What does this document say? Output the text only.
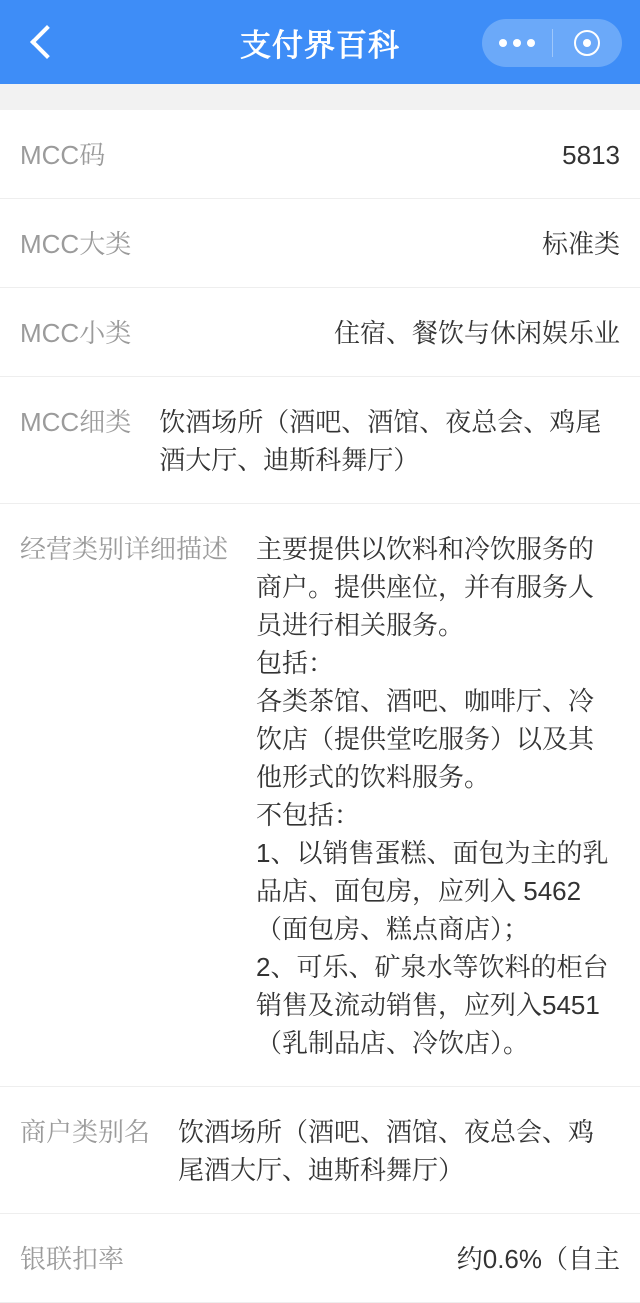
支付界百科
MCC码	5813
MCC大类	标准类
MCC小类	住宿、餐饮与休闲娱乐业
MCC细类	饮酒场所（酒吧、酒馆、夜总会、鸡尾酒大厅、迪斯科舞厅）
经营类别详细描述 主要提供以饮料和冷饮服务的商户。提供座位，并有服务人员进行相关服务。

包括：

各类茶馆、酒吧、咖啡厅、冷饮店（提供堂吃服务）以及其他形式的饮料服务。

不包括：

1、以销售蛋糕、面包为主的乳品店、面包房，应列入 5462（面包房、糕点商店）；

2、可乐、矿泉水等饮料的柜台销售及流动销售，应列入5451（乳制品店、冷饮店）。

商户类别名	饮酒场所（酒吧、酒馆、夜总会、鸡尾酒大厅、迪斯科舞厅）
银联扣率	约0.6%（自主
